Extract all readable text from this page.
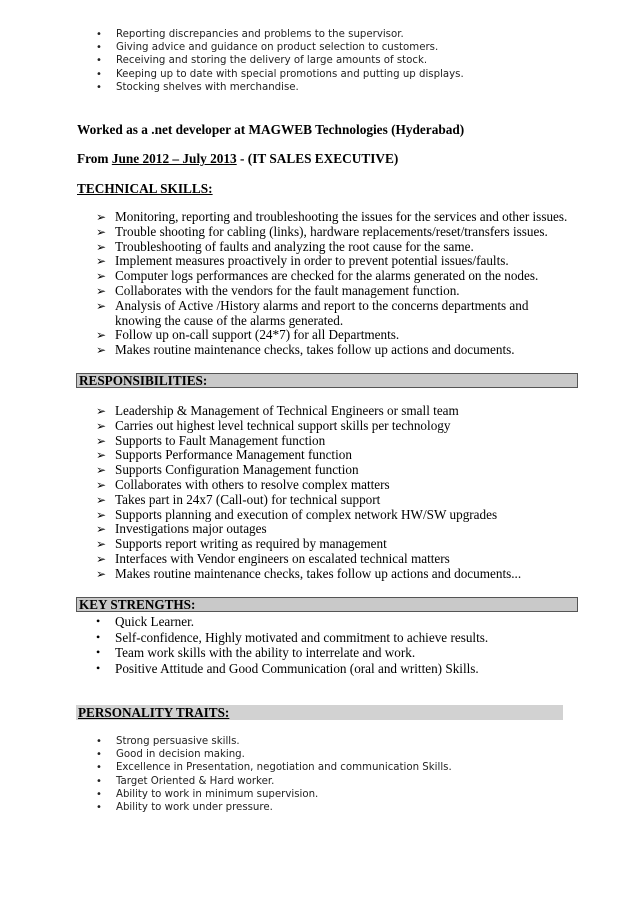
• Reporting discrepancies and problems to the supervisor.
• Giving advice and guidance on product selection to customers.
• Receiving and storing the delivery of large amounts of stock.
• Keeping up to date with special promotions and putting up displays.
• Stocking shelves with merchandise.
Worked as a .net developer at MAGWEB Technologies (Hyderabad)
From June 2012 – July 2013 - (IT SALES EXECUTIVE)
TECHNICAL SKILLS:
➢ Monitoring, reporting and troubleshooting the issues for the services and other issues.
➢ Trouble shooting for cabling (links), hardware replacements/reset/transfers issues.
➢ Troubleshooting of faults and analyzing the root cause for the same.
➢ Implement measures proactively in order to prevent potential issues/faults.
➢ Computer logs performances are checked for the alarms generated on the nodes.
➢ Collaborates with the vendors for the fault management function.
➢ Analysis of Active /History alarms and report to the concerns departments and
knowing the cause of the alarms generated.
➢ Follow up on-call support (24*7) for all Departments.
➢ Makes routine maintenance checks, takes follow up actions and documents.
RESPONSIBILITIES:
➢ Leadership & Management of Technical Engineers or small team
➢ Carries out highest level technical support skills per technology
➢ Supports to Fault Management function
➢ Supports Performance Management function
➢ Supports Configuration Management function
➢ Collaborates with others to resolve complex matters
➢ Takes part in 24x7 (Call-out) for technical support
➢ Supports planning and execution of complex network HW/SW upgrades
➢ Investigations major outages
➢ Supports report writing as required by management
➢ Interfaces with Vendor engineers on escalated technical matters
➢ Makes routine maintenance checks, takes follow up actions and documents...
KEY STRENGTHS:
• Quick Learner.
• Self-confidence, Highly motivated and commitment to achieve results.
• Team work skills with the ability to interrelate and work.
• Positive Attitude and Good Communication (oral and written) Skills.
PERSONALITY TRAITS:
• Strong persuasive skills.
• Good in decision making.
• Excellence in Presentation, negotiation and communication Skills.
• Target Oriented & Hard worker.
• Ability to work in minimum supervision.
• Ability to work under pressure.
